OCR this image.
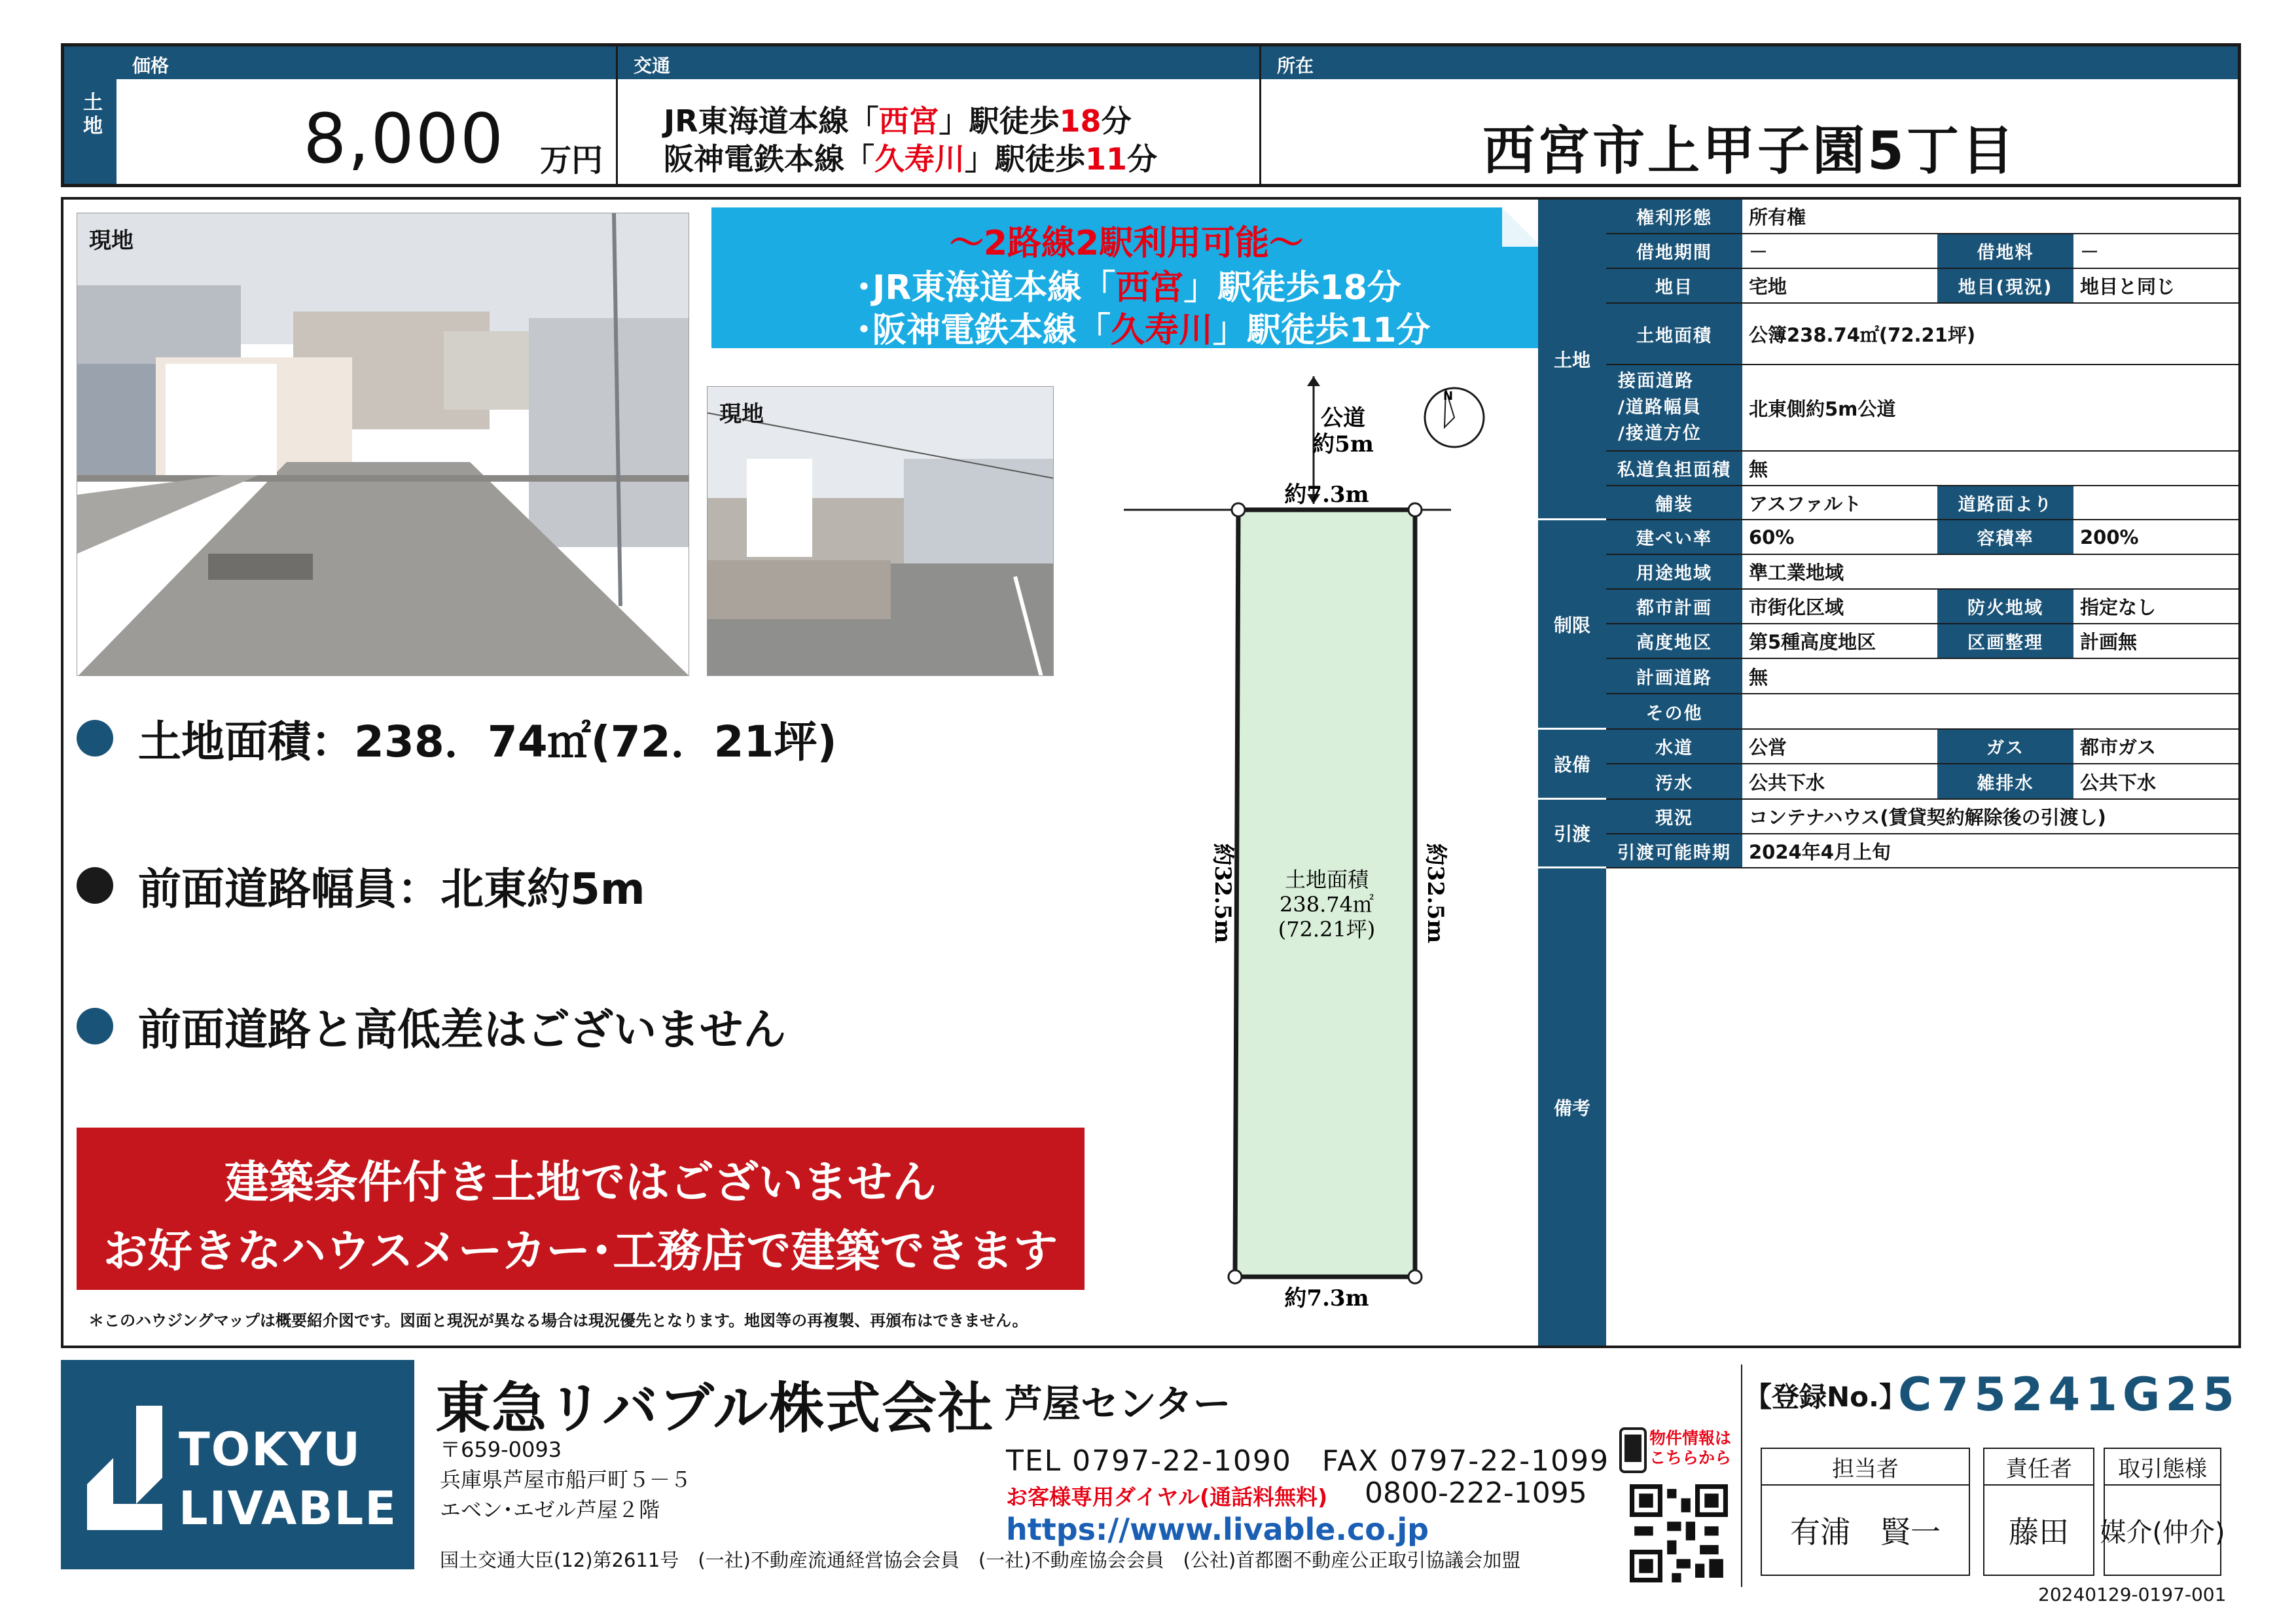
土地
価格
8,000 万円
交通
JR東海道本線「西宮」駅徒歩18分
阪神電鉄本線「久寿川」駅徒歩11分
所在
西宮市上甲子園5丁目
現地
現地
～2路線2駅利用可能～
･JR東海道本線「西宮」駅徒歩18分
･阪神電鉄本線「久寿川」駅徒歩11分
公道
約5m
約7.3m
約7.3m
約32.5m	約32.5m
土地面積
238.74㎡
(72.21坪)
N
土地面積：238．74㎡(72．21坪)
前面道路幅員：北東約5m
前面道路と高低差はございません
建築条件付き土地ではございません
お好きなハウスメーカー･工務店で建築できます
＊このハウジングマップは概要紹介図です。図面と現況が異なる場合は現況優先となります。地図等の再複製、再頒布はできません。
土地
制限
設備
引渡
備考
権利形態	所有権
借地期間	－	借地料	－
地目	宅地	地目(現況)	地目と同じ
土地面積	公簿238.74㎡(72.21坪)
接面道路
/道路幅員
/接道方位
北東側約5m公道
私道負担面積 無
舗装	アスファルト	道路面より
建ぺい率	60%	容積率	200%
用途地域	準工業地域
都市計画	市街化区域	防火地域	指定なし
高度地区	第5種高度地区	区画整理	計画無
計画道路	無
その他
水道	公営	ガス	都市ガス
汚水	公共下水	雑排水	公共下水
現況	コンテナハウス(賃貸契約解除後の引渡し)
引渡可能時期 2024年4月上旬
TOKYU
LIVABLE
東急リバブル株式会社 芦屋センター
〒659-0093
兵庫県芦屋市船戸町５－５
エベン･エゼル芦屋２階
TEL 0797-22-1090　FAX 0797-22-1099
お客様専用ダイヤル(通話料無料) 0800-222-1095
https://www.livable.co.jp
国土交通大臣(12)第2611号　(一社)不動産流通経営協会会員　(一社)不動産協会会員　(公社)首都圏不動産公正取引協議会加盟
物件情報は
こちらから
【登録No.】
C75241G25
担当者
有浦　賢一
責任者
藤田
取引態様
媒介(仲介)
20240129-0197-001
